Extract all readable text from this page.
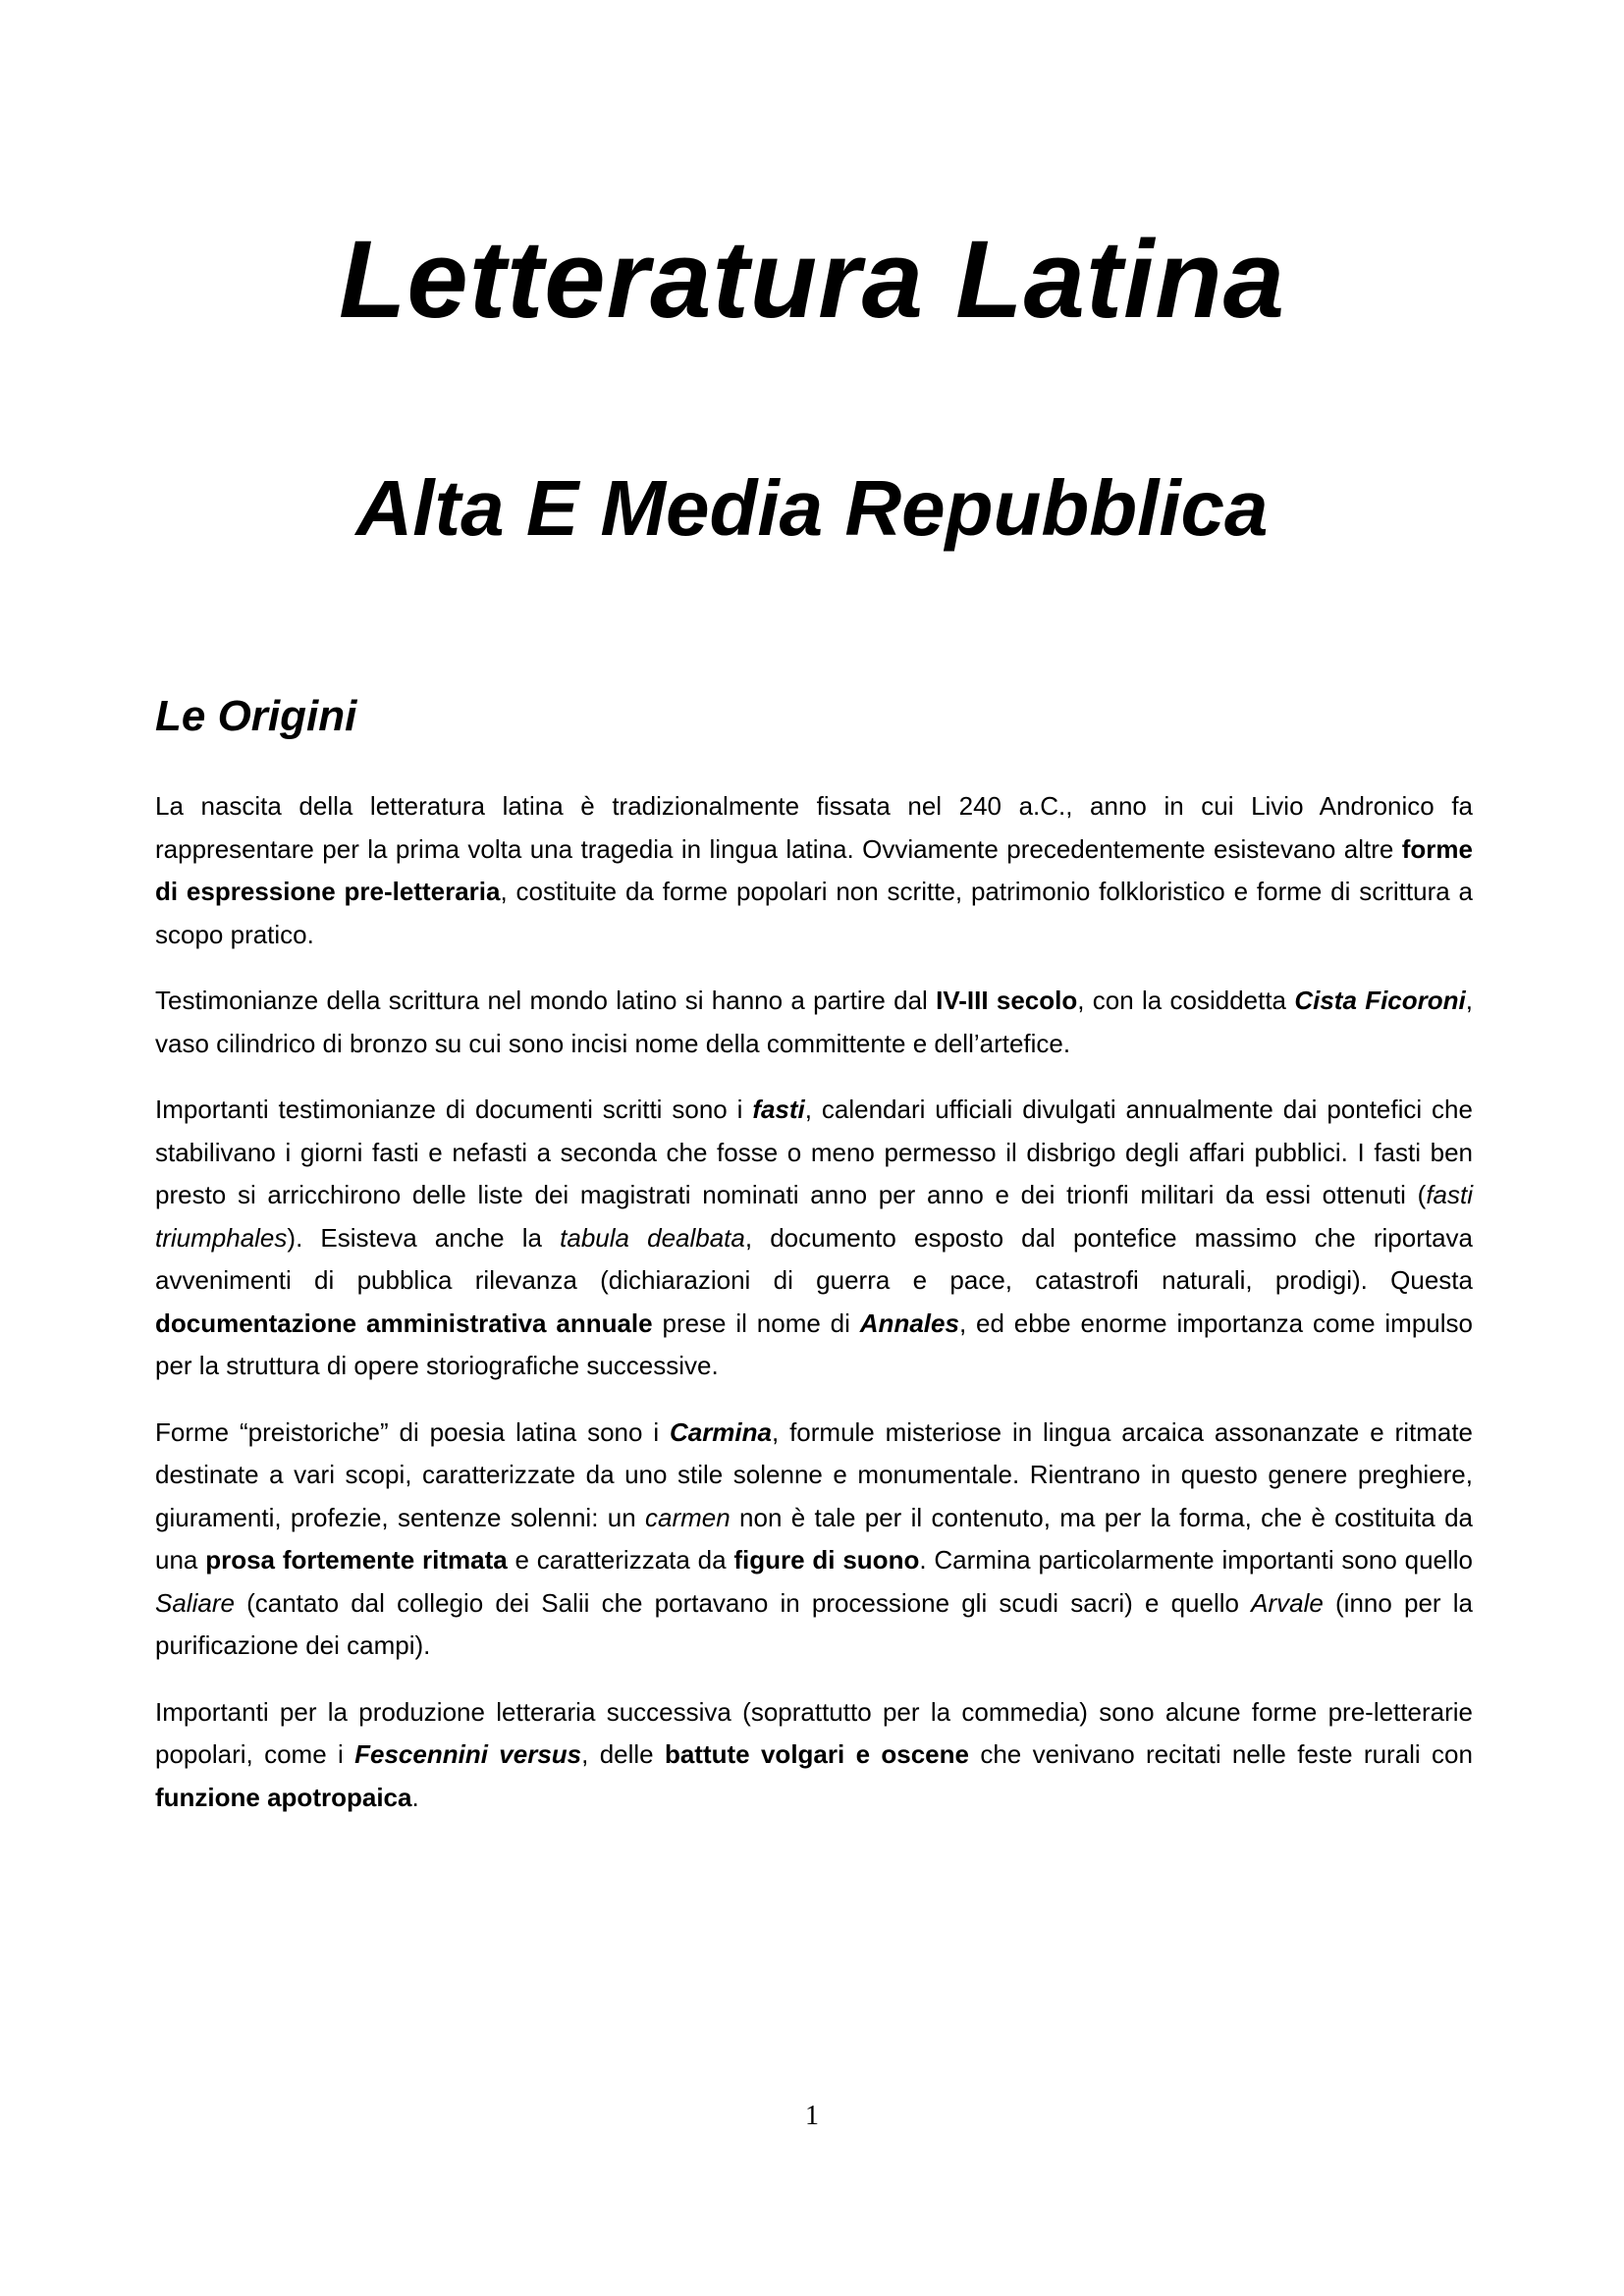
Letteratura Latina
Alta E Media Repubblica
Le Origini

La nascita della letteratura latina è tradizionalmente fissata nel 240 a.C., anno in cui Livio Andronico fa rappresentare per la prima volta una tragedia in lingua latina. Ovviamente precedentemente esistevano altre forme di espressione pre-letteraria, costituite da forme popolari non scritte, patrimonio folkloristico e forme di scrittura a scopo pratico.

Testimonianze della scrittura nel mondo latino si hanno a partire dal IV-III secolo, con la cosiddetta Cista Ficoroni, vaso cilindrico di bronzo su cui sono incisi nome della committente e dell’artefice.

Importanti testimonianze di documenti scritti sono i fasti, calendari ufficiali divulgati annualmente dai pontefici che stabilivano i giorni fasti e nefasti a seconda che fosse o meno permesso il disbrigo degli affari pubblici. I fasti ben presto si arricchirono delle liste dei magistrati nominati anno per anno e dei trionfi militari da essi ottenuti (fasti triumphales). Esisteva anche la tabula dealbata, documento esposto dal pontefice massimo che riportava avvenimenti di pubblica rilevanza (dichiarazioni di guerra e pace, catastrofi naturali, prodigi). Questa documentazione amministrativa annuale prese il nome di Annales, ed ebbe enorme importanza come impulso per la struttura di opere storiografiche successive.

Forme “preistoriche” di poesia latina sono i Carmina, formule misteriose in lingua arcaica assonanzate e ritmate destinate a vari scopi, caratterizzate da uno stile solenne e monumentale. Rientrano in questo genere preghiere, giuramenti, profezie, sentenze solenni: un carmen non è tale per il contenuto, ma per la forma, che è costituita da una prosa fortemente ritmata e caratterizzata da figure di suono. Carmina particolarmente importanti sono quello Saliare (cantato dal collegio dei Salii che portavano in processione gli scudi sacri) e quello Arvale (inno per la purificazione dei campi).

Importanti per la produzione letteraria successiva (soprattutto per la commedia) sono alcune forme pre-letterarie popolari, come i Fescennini versus, delle battute volgari e oscene che venivano recitati nelle feste rurali con funzione apotropaica.

1
